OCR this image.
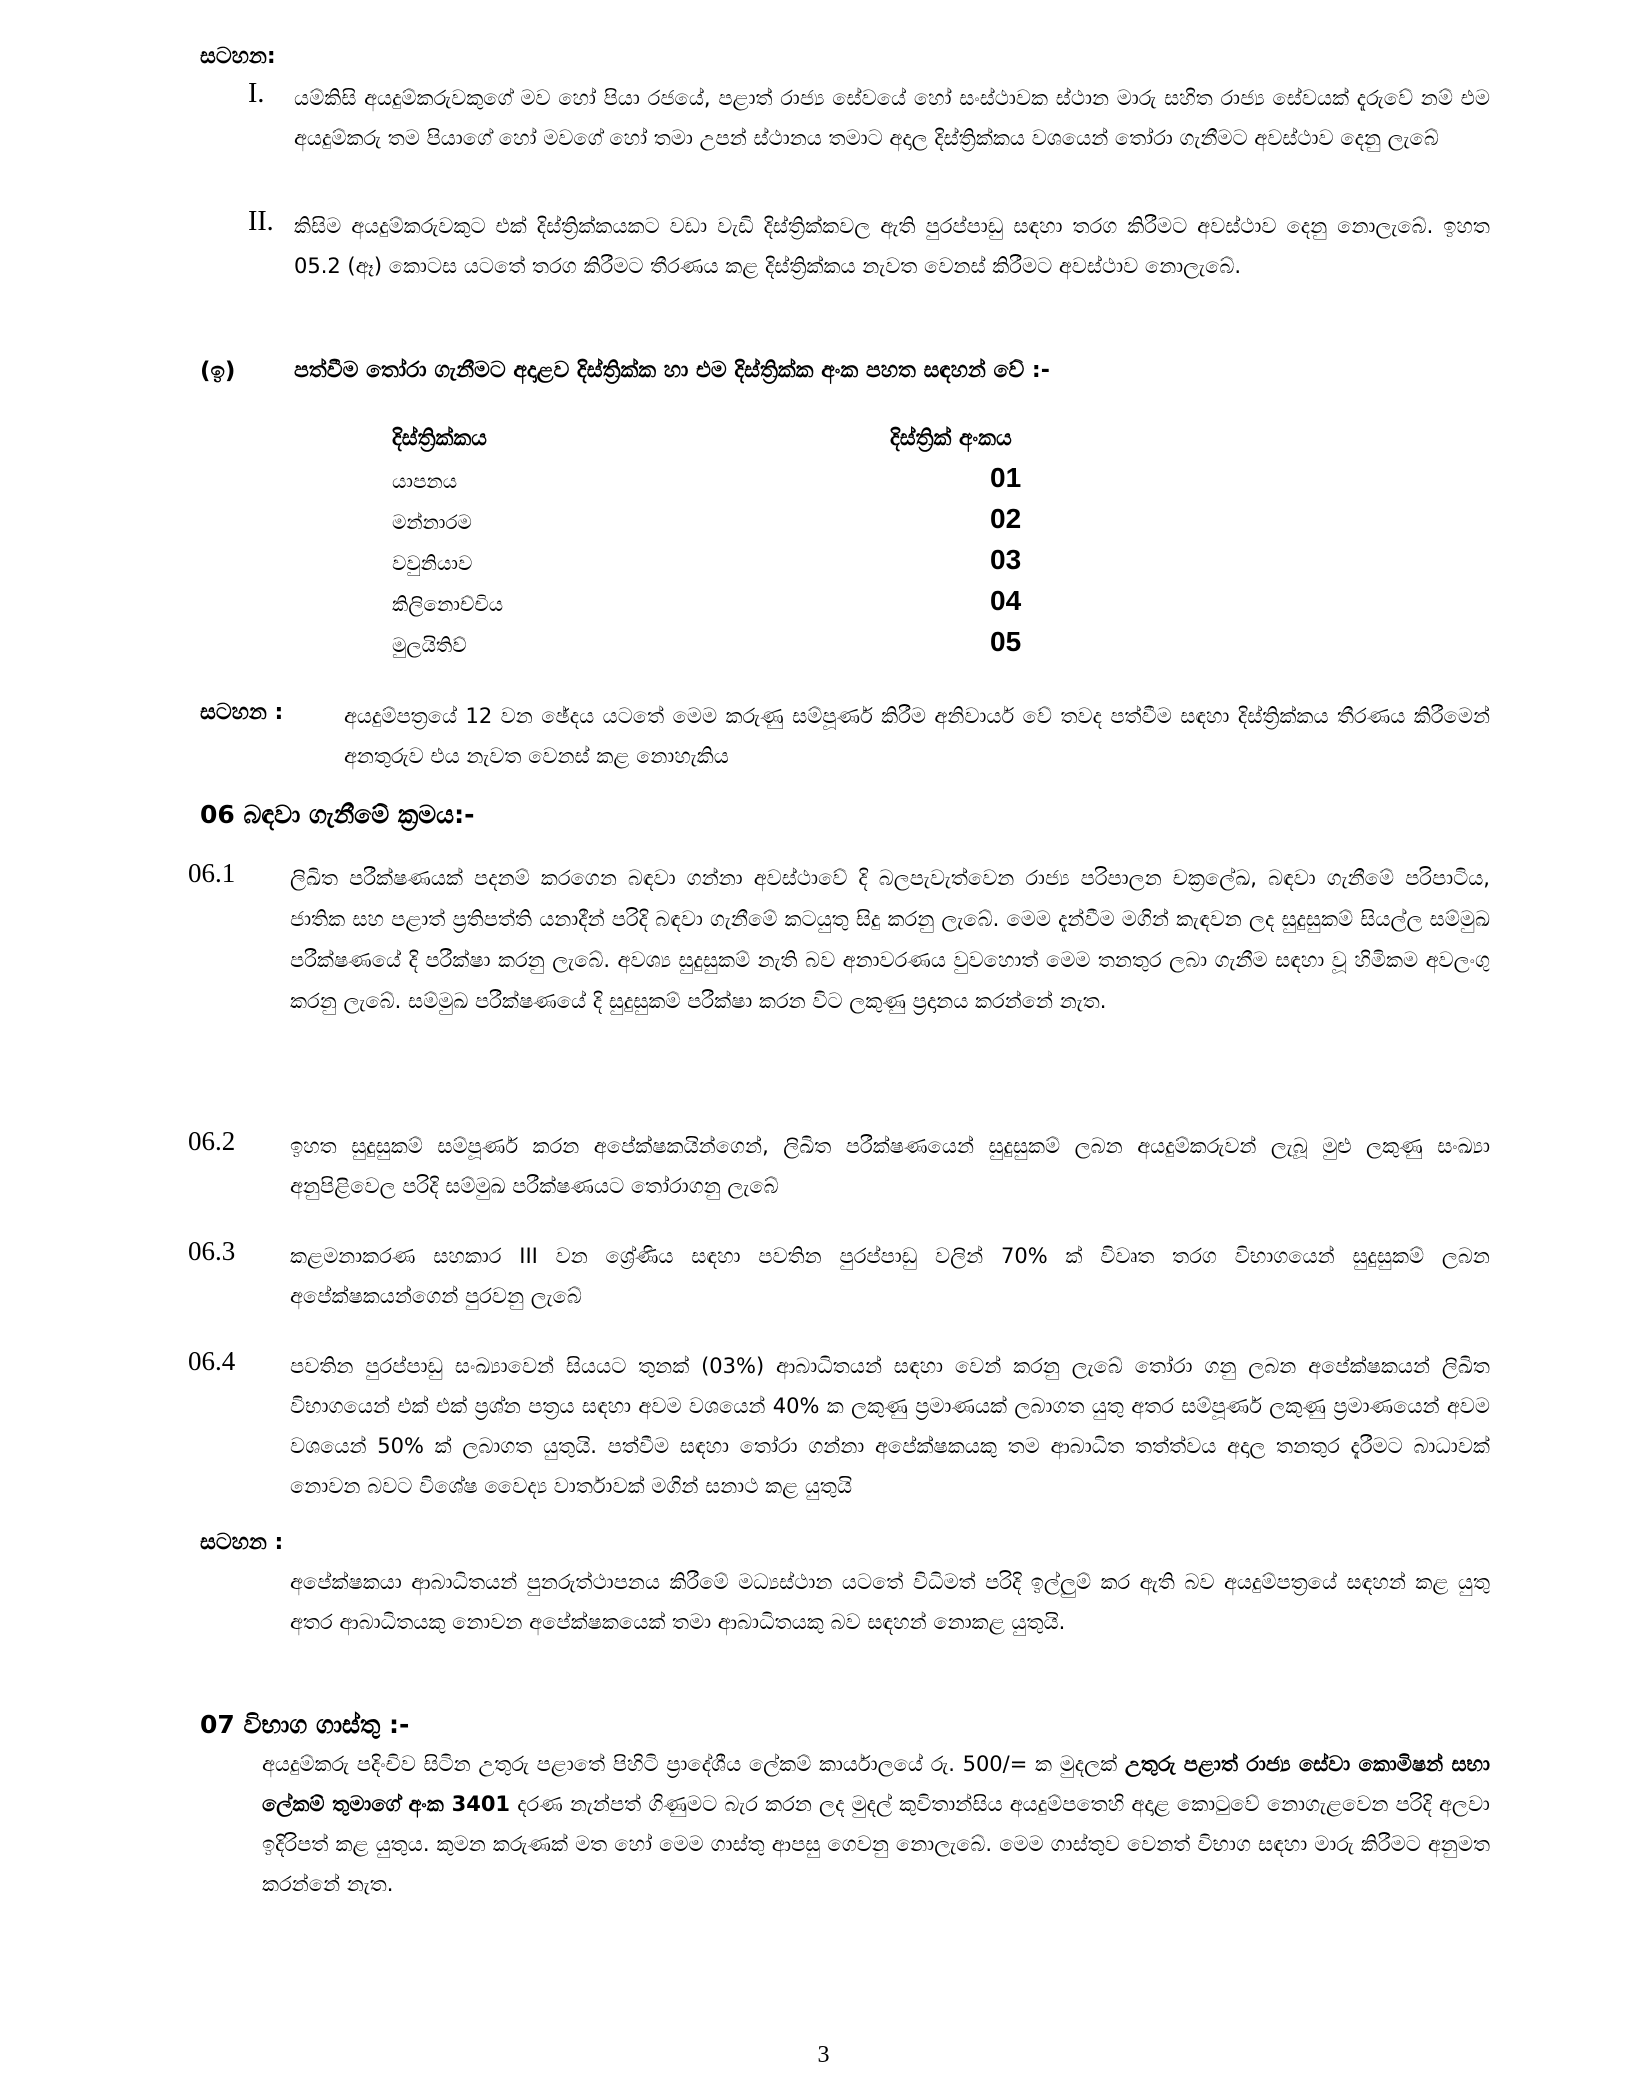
සටහන:
I. යම්කිසි අයදුම්කරුවකුගේ මව හෝ පියා රජයේ, පළාත් රාජ්‍ය සේවයේ හෝ සංස්ථාවක ස්ථාන මාරු සහිත රාජ්‍ය සේවයක් දැරුවේ නම් එම අයදුම්කරු තම පියාගේ හෝ මවගේ හෝ තමා උපන් ස්ථානය තමාට අදාල දිස්ත්‍රික්කය වශයෙන් තෝරා ගැනීමට අවස්ථාව දෙනු ලැබේ

II. කිසිම අයදුම්කරුවකුට එක් දිස්ත්‍රික්කයකට වඩා වැඩි දිස්ත්‍රික්කවල ඇති පුරප්පාඩු සඳහා තරග කිරීමට අවස්ථාව දෙනු නොලැබේ. ඉහත 05.2 (ඈ) කොටස යටතේ තරග කිරීමට තීරණය කළ දිස්ත්‍රික්කය නැවත වෙනස් කිරීමට අවස්ථාව නොලැබේ.

(ඉ)	පත්වීම තෝරා ගැනීමට අදාළව දිස්ත්‍රික්ක හා එම දිස්ත්‍රික්ක අංක පහත සඳහන් වේ :-
දිස්ත්‍රික්කය	දිස්ත්‍රික් අංකය
යාපනය	01
මන්නාරම	02
වවුනියාව	03
කිලිනොච්චිය	04
මුලයිතිව්	05
සටහන :	අයදුම්පත්‍රයේ 12 වන ඡේදය යටතේ මෙම කරුණු සම්පූර්ණ කිරීම අනිවාර්ය වේ තවද පත්වීම සඳහා දිස්ත්‍රික්කය තීරණය කිරීමෙන් අනතුරුව එය නැවත වෙනස් කළ නොහැකිය

06 බඳවා ගැනීමේ ක්‍රමය:-
06.1	ලිඛිත පරීක්ෂණයක් පදනම් කරගෙන බඳවා ගන්නා අවස්ථාවේ දි බලපැවැත්වෙන රාජ්‍ය පරිපාලන චක්‍රලේඛ, බඳවා ගැනීමේ පරිපාටිය, ජාතික සහ පළාත් ප්‍රතිපත්ති යනාදීන් පරිදි බඳවා ගැනීමේ කටයුතු සිදු කරනු ලැබේ. මෙම දැන්වීම මගින් කැඳවන ලද සුදුසුකම් සියල්ල සම්මුඛ පරීක්ෂණයේ දි පරීක්ෂා කරනු ලැබේ. අවශ්‍ය සුදුසුකම් නැති බව අනාවරණය වුවහොත් මෙම තනතුර ලබා ගැනීම සඳහා වූ හිමිකම අවලංගු කරනු ලැබේ. සම්මුඛ පරීක්ෂණයේ දි සුදුසුකම් පරීක්ෂා කරන විට ලකුණු ප්‍රදානය කරන්නේ නැත.

06.2	ඉහත සුදුසුකම් සම්පූර්ණ කරන අපේක්ෂකයින්ගෙන්, ලිඛිත පරීක්ෂණයෙන් සුදුසුකම් ලබන අයදුම්කරුවන් ලැබූ මුළු ලකුණු සංඛ්‍යා අනුපිළිවෙල පරිදි සම්මුඛ පරීක්ෂණයට තෝරාගනු ලැබේ

06.3	කළමනාකරණ සහකාර III වන ශ්‍රේණිය සඳහා පවතින පුරප්පාඩු වලින් 70% ක් විවෘත තරග විභාගයෙන් සුදුසුකම් ලබන අපේක්ෂකයන්ගෙන් පුරවනු ලැබේ

06.4	පවතින පුරප්පාඩු සංඛ්‍යාවෙන් සියයට තුනක් (03%) ආබාධිතයන් සඳහා වෙන් කරනු ලැබේ තෝරා ගනු ලබන අපේක්ෂකයන් ලිඛිත විභාගයෙන් එක් එක් ප්‍රශ්න පත්‍රය සඳහා අවම වශයෙන් 40% ක ලකුණු ප්‍රමාණයක් ලබාගත යුතු අතර සම්පූර්ණ ලකුණු ප්‍රමාණයෙන් අවම වශයෙන් 50% ක් ලබාගත යුතුයි. පත්වීම සඳහා තෝරා ගන්නා අපේක්ෂකයකු තම ආබාධිත තත්ත්වය අදාල තනතුර දැරීමට බාධාවක් නොවන බවට විශේෂ වෛද්‍ය වාර්තාවක් මගින් සනාථ කළ යුතුයි

සටහන :

අපේක්ෂකයා ආබාධිතයන් පුනරුත්ථාපනය කිරීමේ මධ්‍යස්ථාන යටතේ විධිමත් පරිදි ඉල්ලුම් කර ඇති බව අයදුම්පත්‍රයේ සඳහන් කළ යුතු අතර ආබාධිතයකු නොවන අපේක්ෂකයෙක් තමා ආබාධිතයකු බව සඳහන් නොකළ යුතුයි.

07 විභාග ගාස්තු :-

අයදුම්කරු පදිංචිව සිටින උතුරු පළාතේ පිහිටි ප්‍රාදේශීය ලේකම් කාර්යාලයේ රු. 500/= ක මුදලක් උතුරු පළාත් රාජ්‍ය සේවා කොමිෂන් සභා ලේකම් තුමාගේ අංක 3401 දරණ නැන්පත් ගිණුමට බැර කරන ලද මුදල් කුවිතාන්සිය අයදුම්පතෙහි අදාළ කොටුවේ නොගැළවෙන පරිදි අලවා ඉදිරිපත් කළ යුතුය. කුමන කරුණක් මත හෝ මෙම ගාස්තු ආපසු ගෙවනු නොලැබේ. මෙම ගාස්තුව වෙනත් විභාග සඳහා මාරු කිරීමට අනුමත කරන්නේ නැත.

3
